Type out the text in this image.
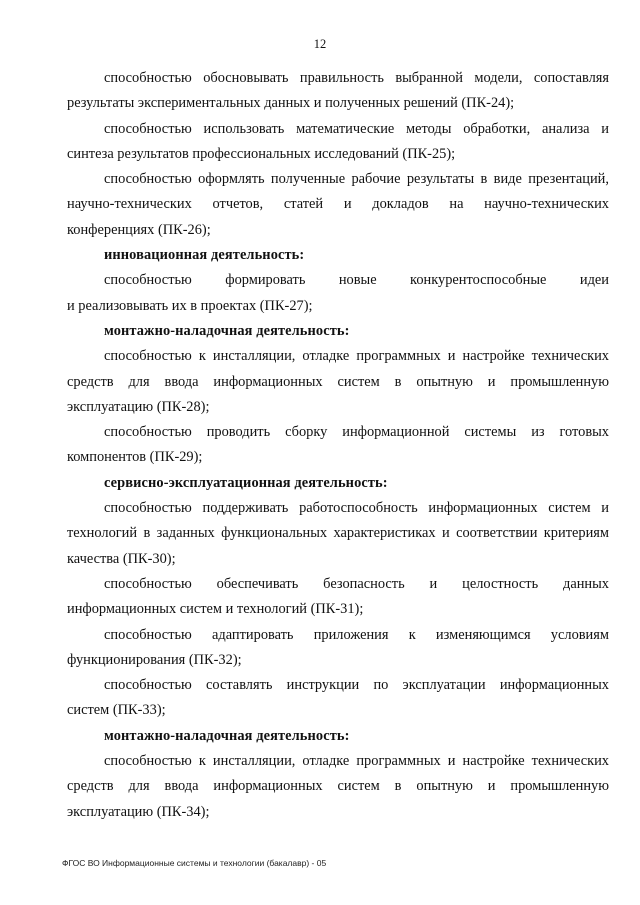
12
способностью обосновывать правильность выбранной модели, сопоставляя
результаты экспериментальных данных и полученных решений (ПК-24);
способностью использовать математические методы обработки, анализа и
синтеза результатов профессиональных исследований (ПК-25);
способностью оформлять полученные рабочие результаты в виде презентаций,
научно-технических отчетов, статей и докладов на научно-технических
конференциях (ПК-26);
инновационная деятельность:
способностью формировать новые конкурентоспособные идеи
и реализовывать их в проектах (ПК-27);
монтажно-наладочная деятельность:
способностью к инсталляции, отладке программных и настройке технических
средств для ввода информационных систем в опытную и промышленную
эксплуатацию (ПК-28);
способностью проводить сборку информационной системы из готовых
компонентов (ПК-29);
сервисно-эксплуатационная деятельность:
способностью поддерживать работоспособность информационных систем и
технологий в заданных функциональных характеристиках и соответствии критериям
качества (ПК-30);
способностью обеспечивать безопасность и целостность данных
информационных систем и технологий (ПК-31);
способностью адаптировать приложения к изменяющимся условиям
функционирования (ПК-32);
способностью составлять инструкции по эксплуатации информационных
систем (ПК-33);
монтажно-наладочная деятельность:
способностью к инсталляции, отладке программных и настройке технических
средств для ввода информационных систем в опытную и промышленную
эксплуатацию (ПК-34);
ФГОС ВО Информационные системы и технологии (бакалавр) - 05
